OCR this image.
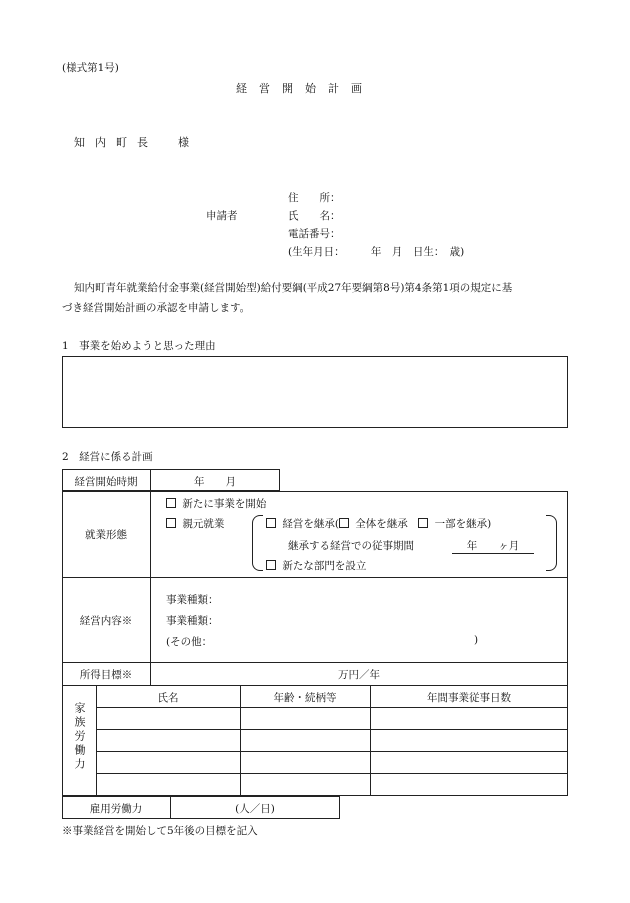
(様式第1号)
経営開始計画
知内町長 様
申請者
住　　所：
氏　　名：
電話番号：
(生年月日：　　　年　月　日生：　歳)
知内町青年就業給付金事業(経営開始型)給付要綱(平成27年要綱第8号)第4条第1項の規定に基
づき経営開始計画の承認を申請します。
1　事業を始めようと思った理由
2　経営に係る計画
経営開始時期	年　　月
就業形態
新たに事業を開始
親元就業	経営を継承( 全体を継承　	一部を継承)
継承する経営での従事期間	年　　ヶ月
新たな部門を設立
経営内容※
事業種類：
事業種類：
(その他：	)
所得目標※	万円／年
家族労働力
氏名	年齢・続柄等	年間事業従事日数
雇用労働力	(人／日)
※事業経営を開始して5年後の目標を記入
